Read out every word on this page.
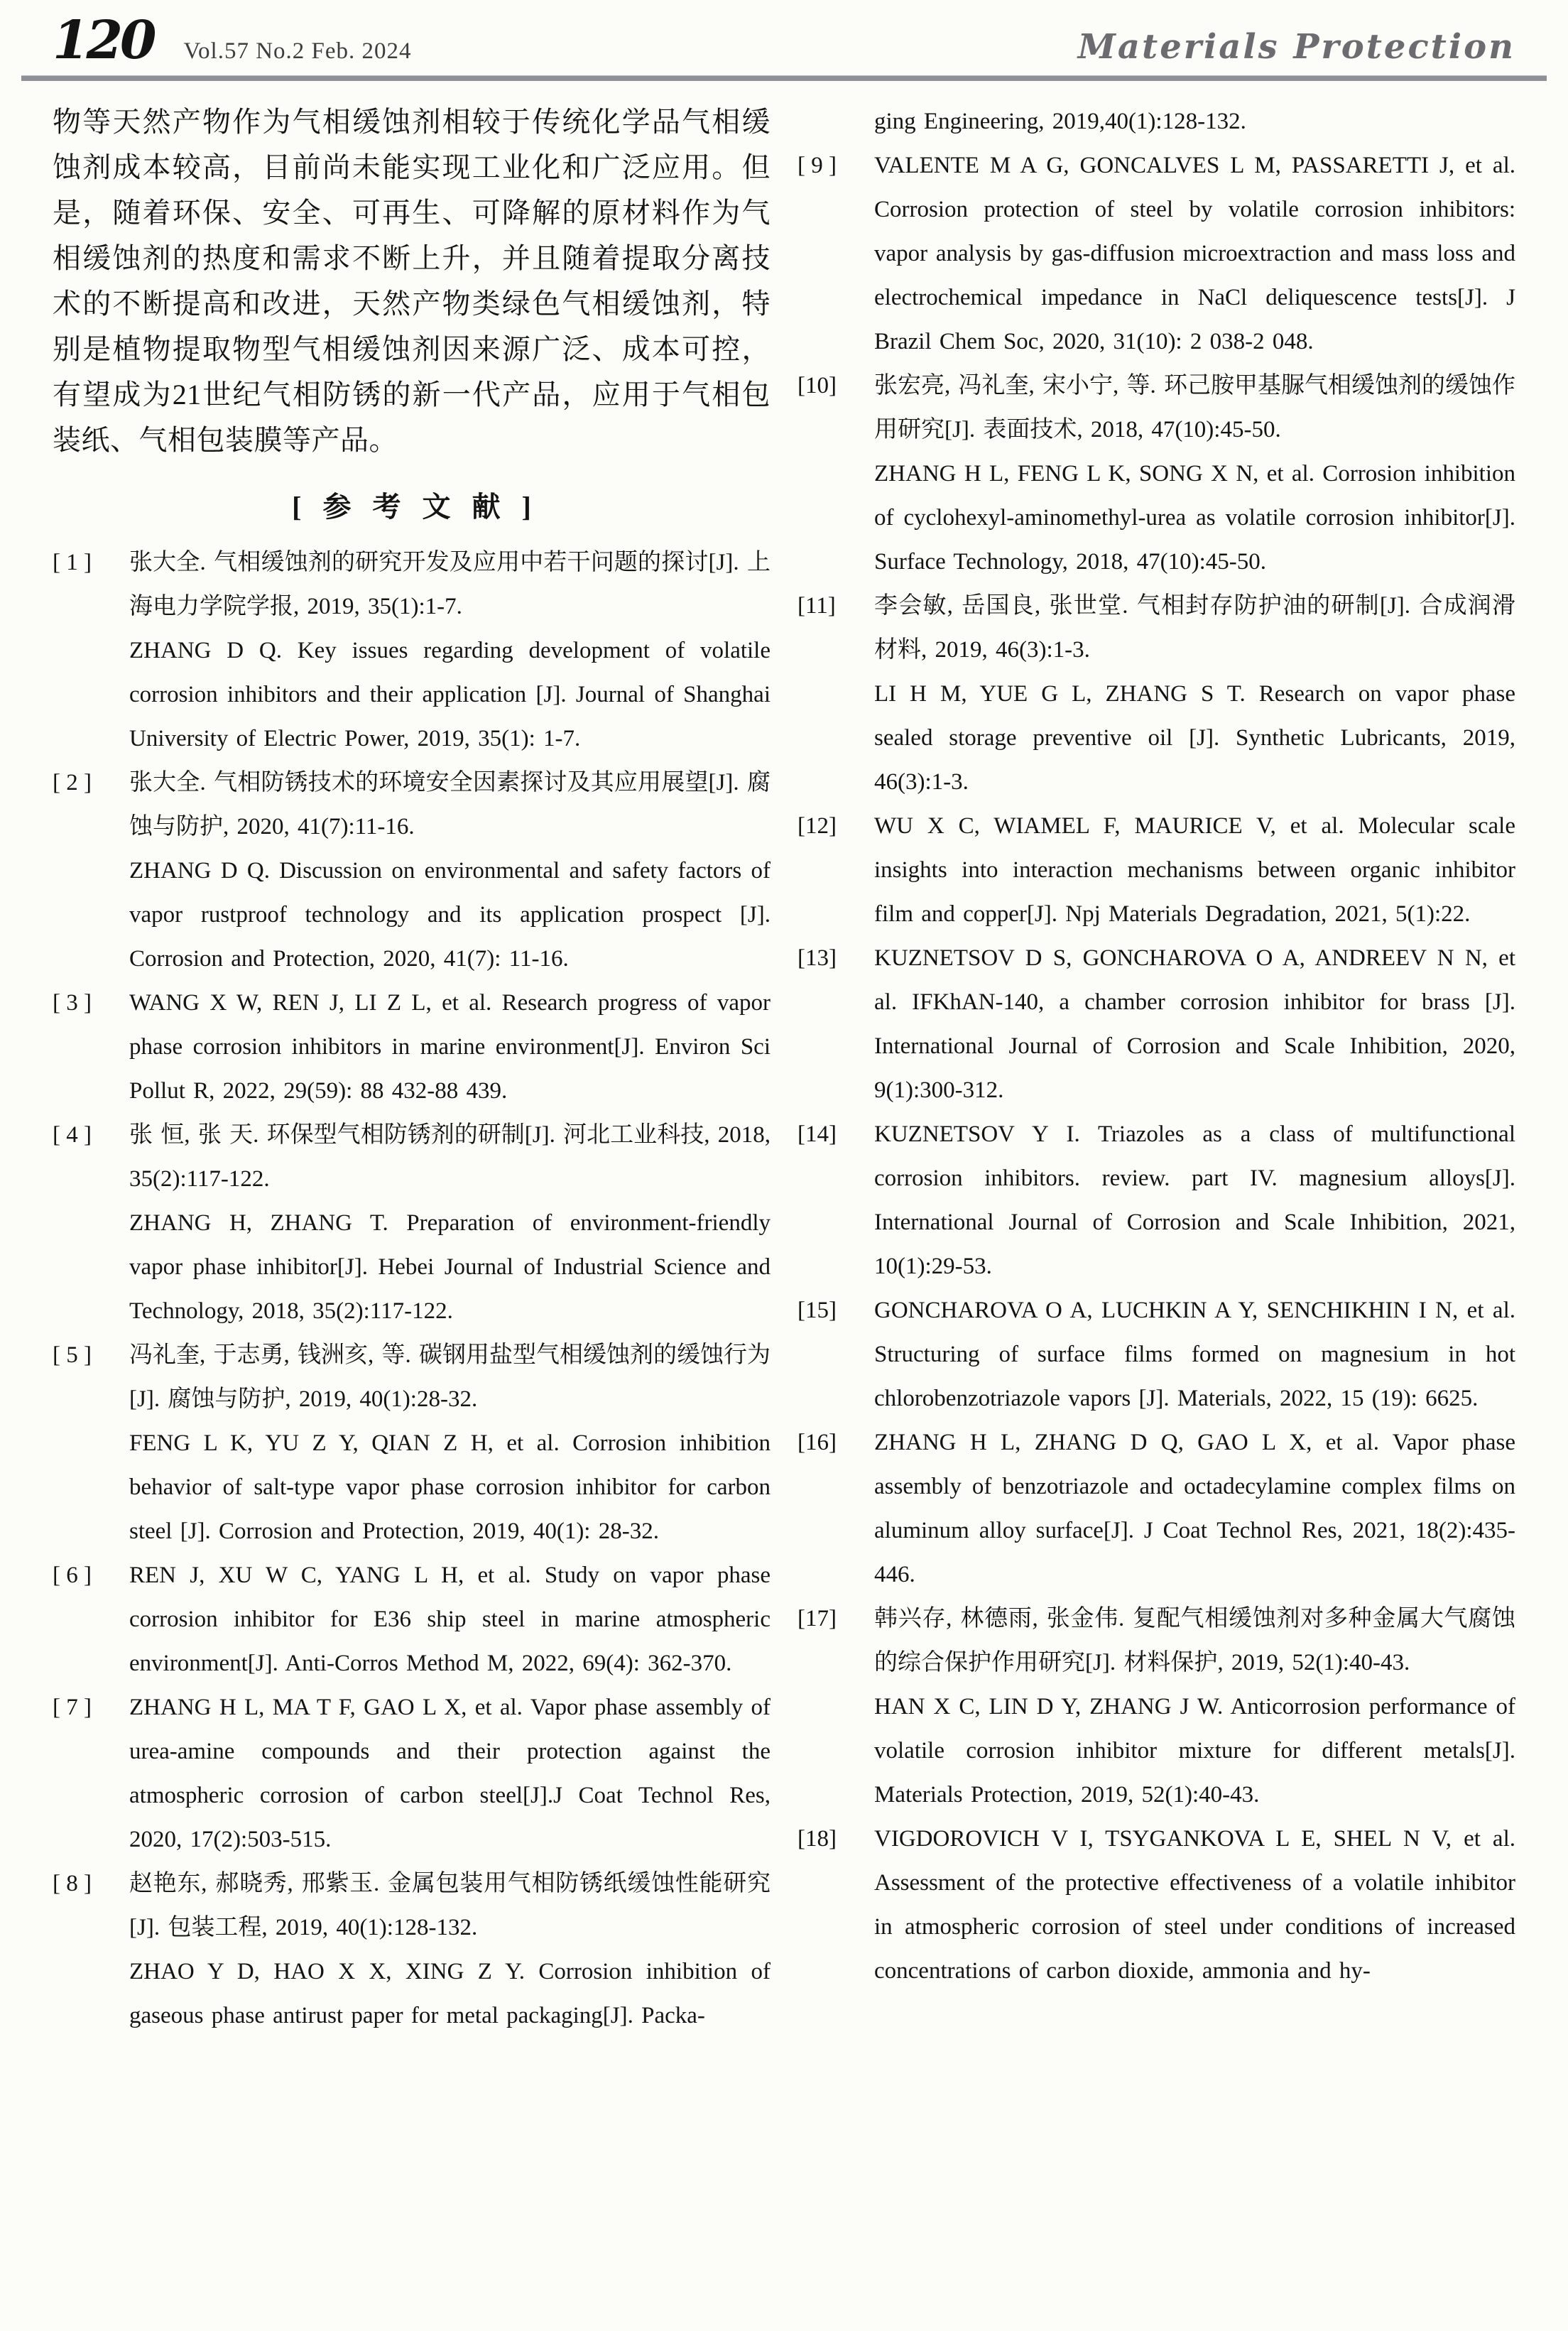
120 Vol.57 No.2 Feb. 2024	Materials Protection

物等天然产物作为气相缓蚀剂相较于传统化学品气相缓蚀剂成本较高，目前尚未能实现工业化和广泛应用。但是，随着环保、安全、可再生、可降解的原材料作为气相缓蚀剂的热度和需求不断上升，并且随着提取分离技术的不断提高和改进，天然产物类绿色气相缓蚀剂，特别是植物提取物型气相缓蚀剂因来源广泛、成本可控，有望成为21世纪气相防锈的新一代产品，应用于气相包装纸、气相包装膜等产品。

[ 参 考 文 献 ]
[ 1 ]	张大全. 气相缓蚀剂的研究开发及应用中若干问题的探讨[J]. 上海电力学院学报, 2019, 35(1):1-7.

ZHANG D Q. Key issues regarding development of volatile corrosion inhibitors and their application [J]. Journal of Shanghai University of Electric Power, 2019, 35(1): 1-7.

[ 2 ]	张大全. 气相防锈技术的环境安全因素探讨及其应用展望[J]. 腐蚀与防护, 2020, 41(7):11-16.

ZHANG D Q. Discussion on environmental and safety factors of vapor rustproof technology and its application prospect [J]. Corrosion and Protection, 2020, 41(7): 11-16.

[ 3 ]	WANG X W, REN J, LI Z L, et al. Research progress of vapor phase corrosion inhibitors in marine environment[J]. Environ Sci Pollut R, 2022, 29(59): 88 432-88 439.

[ 4 ]	张 恒, 张 天. 环保型气相防锈剂的研制[J]. 河北工业科技, 2018, 35(2):117-122.

ZHANG H, ZHANG T. Preparation of environment-friendly vapor phase inhibitor[J]. Hebei Journal of Industrial Science and Technology, 2018, 35(2):117-122.

[ 5 ]	冯礼奎, 于志勇, 钱洲亥, 等. 碳钢用盐型气相缓蚀剂的缓蚀行为[J]. 腐蚀与防护, 2019, 40(1):28-32.

FENG L K, YU Z Y, QIAN Z H, et al. Corrosion inhibition behavior of salt-type vapor phase corrosion inhibitor for carbon steel [J]. Corrosion and Protection, 2019, 40(1): 28-32.

[ 6 ]	REN J, XU W C, YANG L H, et al. Study on vapor phase corrosion inhibitor for E36 ship steel in marine atmospheric environment[J]. Anti-Corros Method M, 2022, 69(4): 362-370.

[ 7 ]	ZHANG H L, MA T F, GAO L X, et al. Vapor phase assembly of urea-amine compounds and their protection against the atmospheric corrosion of carbon steel[J].J Coat Technol Res, 2020, 17(2):503-515.

[ 8 ]	赵艳东, 郝晓秀, 邢紫玉. 金属包装用气相防锈纸缓蚀性能研究[J]. 包装工程, 2019, 40(1):128-132.

ZHAO Y D, HAO X X, XING Z Y. Corrosion inhibition of gaseous phase antirust paper for metal packaging[J]. Packa-

ging Engineering, 2019,40(1):128-132.

[ 9 ]	VALENTE M A G, GONCALVES L M, PASSARETTI J, et al. Corrosion protection of steel by volatile corrosion inhibitors: vapor analysis by gas-diffusion microextraction and mass loss and electrochemical impedance in NaCl deliquescence tests[J]. J Brazil Chem Soc, 2020, 31(10): 2 038-2 048.

[10]	张宏亮, 冯礼奎, 宋小宁, 等. 环己胺甲基脲气相缓蚀剂的缓蚀作用研究[J]. 表面技术, 2018, 47(10):45-50.

ZHANG H L, FENG L K, SONG X N, et al. Corrosion inhibition of cyclohexyl-aminomethyl-urea as volatile corrosion inhibitor[J]. Surface Technology, 2018, 47(10):45-50.

[11]	李会敏, 岳国良, 张世堂. 气相封存防护油的研制[J]. 合成润滑材料, 2019, 46(3):1-3.

LI H M, YUE G L, ZHANG S T. Research on vapor phase sealed storage preventive oil [J]. Synthetic Lubricants, 2019, 46(3):1-3.

[12]	WU X C, WIAMEL F, MAURICE V, et al. Molecular scale insights into interaction mechanisms between organic inhibitor film and copper[J]. Npj Materials Degradation, 2021, 5(1):22.

[13]	KUZNETSOV D S, GONCHAROVA O A, ANDREEV N N, et al. IFKhAN-140, a chamber corrosion inhibitor for brass [J]. International Journal of Corrosion and Scale Inhibition, 2020, 9(1):300-312.

[14]	KUZNETSOV Y I. Triazoles as a class of multifunctional corrosion inhibitors. review. part IV. magnesium alloys[J]. International Journal of Corrosion and Scale Inhibition, 2021, 10(1):29-53.

[15]	GONCHAROVA O A, LUCHKIN A Y, SENCHIKHIN I N, et al. Structuring of surface films formed on magnesium in hot chlorobenzotriazole vapors [J]. Materials, 2022, 15 (19): 6625.

[16]	ZHANG H L, ZHANG D Q, GAO L X, et al. Vapor phase assembly of benzotriazole and octadecylamine complex films on aluminum alloy surface[J]. J Coat Technol Res, 2021, 18(2):435-446.

[17]	韩兴存, 林德雨, 张金伟. 复配气相缓蚀剂对多种金属大气腐蚀的综合保护作用研究[J]. 材料保护, 2019, 52(1):40-43.

HAN X C, LIN D Y, ZHANG J W. Anticorrosion performance of volatile corrosion inhibitor mixture for different metals[J]. Materials Protection, 2019, 52(1):40-43.

[18]	VIGDOROVICH V I, TSYGANKOVA L E, SHEL N V, et al. Assessment of the protective effectiveness of a volatile inhibitor in atmospheric corrosion of steel under conditions of increased concentrations of carbon dioxide, ammonia and hy-
